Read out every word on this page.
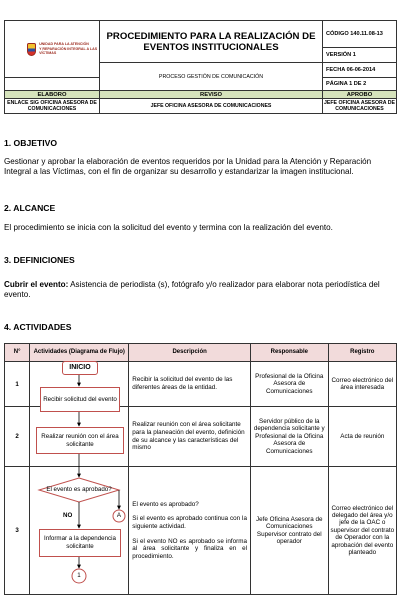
UNIDAD PARA LA ATENCIÓN
Y REPARACIÓN INTEGRAL A LAS VÍCTIMAS	PROCEDIMIENTO PARA LA REALIZACIÓN DE EVENTOS INSTITUCIONALES	CÓDIGO 140.11.08-13
		VERSIÓN 1
	PROCESO GESTIÓN DE COMUNICACIÓN	FECHA 06-06-2014
		PÁGINA 1 DE 2
ELABORO	REVISO	APROBO
ENLACE SIG OFICINA ASESORA DE COMUNICACIONES	JEFE OFICINA ASESORA DE COMUNICACIONES	JEFE OFICINA ASESORA DE COMUNICACIONES
1. OBJETIVO
Gestionar y aprobar la elaboración de eventos requeridos por la Unidad para la Atención y Reparación Integral a las Víctimas, con el fin de organizar su desarrollo y estandarizar la imagen institucional.
2. ALCANCE
El procedimiento se inicia con la solicitud del evento y termina con la realización del evento.
3. DEFINICIONES
Cubrir el evento: Asistencia de periodista (s), fotógrafo y/o realizador para elaborar nota periodística del evento.
4. ACTIVIDADES
N°	Actividades (Diagrama de Flujo)	Descripción	Responsable	Registro
1		Recibir la solicitud del evento de las diferentes áreas de la entidad.	Profesional de la Oficina Asesora de Comunicaciones	Correo electrónico del área interesada
2		Realizar reunión con el área solicitante para la planeación del evento, definición de su alcance y las características del mismo	Servidor público de la dependencia solicitante y Profesional de la Oficina Asesora de Comunicaciones	Acta de reunión
3		El evento es aprobado?
Si el evento es aprobado continua con la siguiente actividad.
Si el evento NO es aprobado se informa al área solicitante y finaliza en el procedimiento.	Jefe Oficina Asesora de Comunicaciones Supervisor contrato del operador	Correo electrónico del delegado del área y/o jefe de la OAC o supervisor del contrato de Operador con la aprobación del evento planteado
INICIO
Recibir solicitud del evento
Realizar reunión con el área solicitante
El evento es aprobado?
NO	A
Informar a la dependencia solicitante
1
